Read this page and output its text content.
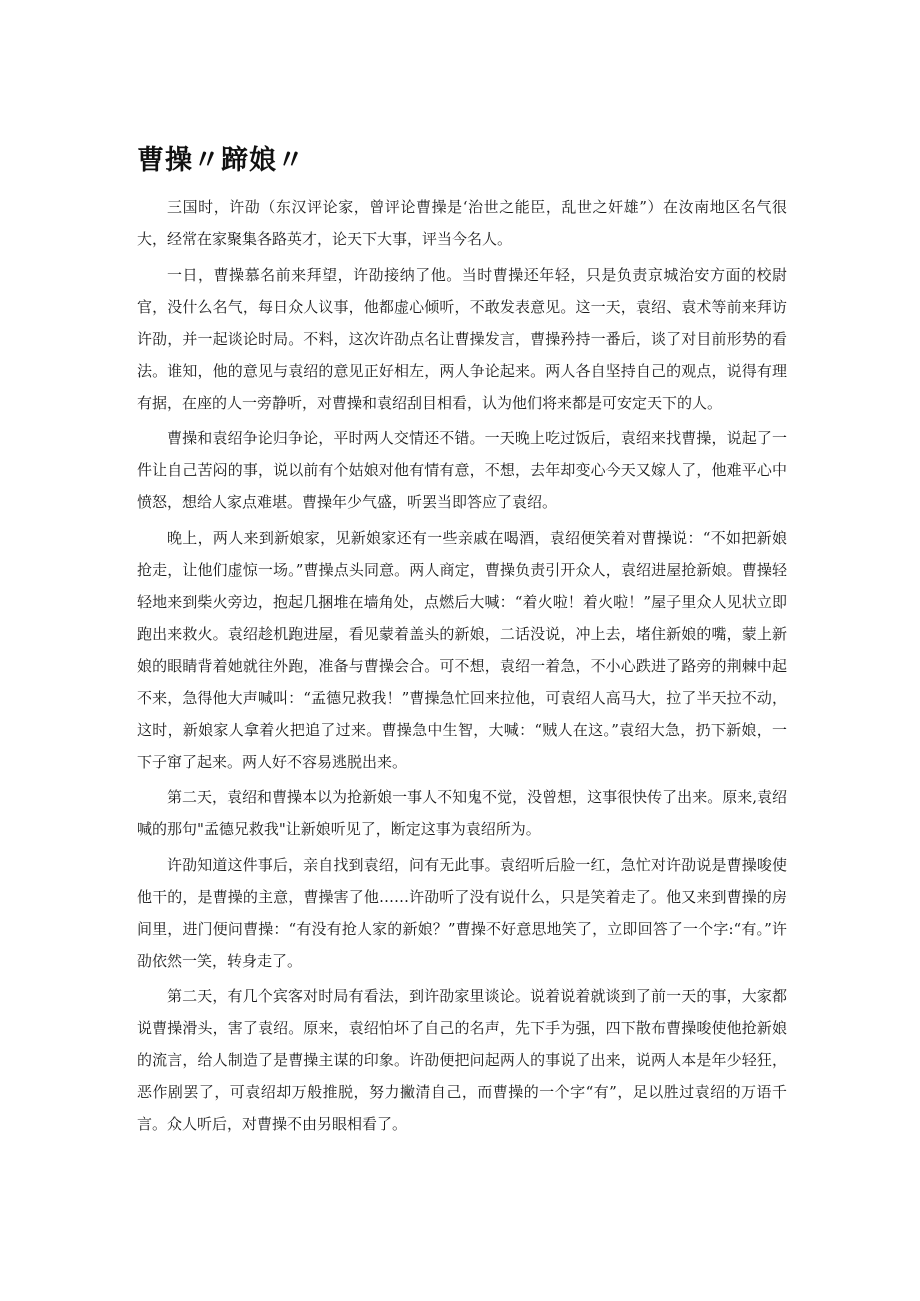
曹操〃蹄娘〃

三国时，许劭（东汉评论家，曾评论曹操是‘治世之能臣，乱世之奸雄”）在汝南地区名气很大，经常在家聚集各路英才，论天下大事，评当今名人。

一日，曹操慕名前来拜望，许劭接纳了他。当时曹操还年轻，只是负责京城治安方面的校尉官，没什么名气，每日众人议事，他都虚心倾听，不敢发表意见。这一天，袁绍、袁术等前来拜访许劭，并一起谈论时局。不料，这次许劭点名让曹操发言，曹操矜持一番后，谈了对目前形势的看法。谁知，他的意见与袁绍的意见正好相左，两人争论起来。两人各自坚持自己的观点，说得有理有据，在座的人一旁静听，对曹操和袁绍刮目相看，认为他们将来都是可安定天下的人。

曹操和袁绍争论归争论，平时两人交情还不错。一天晚上吃过饭后，袁绍来找曹操，说起了一件让自己苦闷的事，说以前有个姑娘对他有情有意，不想，去年却变心今天又嫁人了，他难平心中愤怒，想给人家点难堪。曹操年少气盛，听罢当即答应了袁绍。

晚上，两人来到新娘家，见新娘家还有一些亲戚在喝酒，袁绍便笑着对曹操说：“不如把新娘抢走，让他们虚惊一场。”曹操点头同意。两人商定，曹操负责引开众人，袁绍进屋抢新娘。曹操轻轻地来到柴火旁边，抱起几捆堆在墙角处，点燃后大喊：“着火啦！着火啦！”屋子里众人见状立即跑出来救火。袁绍趁机跑进屋，看见蒙着盖头的新娘，二话没说，冲上去，堵住新娘的嘴，蒙上新娘的眼睛背着她就往外跑，准备与曹操会合。可不想，袁绍一着急，不小心跌进了路旁的荆棘中起不来，急得他大声喊叫：“孟德兄救我！”曹操急忙回来拉他，可袁绍人高马大，拉了半天拉不动，这时，新娘家人拿着火把追了过来。曹操急中生智，大喊：“贼人在这。”袁绍大急，扔下新娘，一下子窜了起来。两人好不容易逃脱出来。

第二天，袁绍和曹操本以为抢新娘一事人不知鬼不觉，没曾想，这事很快传了出来。原来,袁绍喊的那句"孟德兄救我"让新娘听见了，断定这事为袁绍所为。

许劭知道这件事后，亲自找到袁绍，问有无此事。袁绍听后脸一红，急忙对许劭说是曹操唆使他干的，是曹操的主意，曹操害了他……许劭听了没有说什么，只是笑着走了。他又来到曹操的房间里，进门便问曹操：“有没有抢人家的新娘？”曹操不好意思地笑了，立即回答了一个字:“有。”许劭依然一笑，转身走了。

第二天，有几个宾客对时局有看法，到许劭家里谈论。说着说着就谈到了前一天的事，大家都说曹操滑头，害了袁绍。原来，袁绍怕坏了自己的名声，先下手为强，四下散布曹操唆使他抢新娘的流言，给人制造了是曹操主谋的印象。许劭便把问起两人的事说了出来，说两人本是年少轻狂，恶作剧罢了，可袁绍却万般推脱，努力撇清自己，而曹操的一个字“有”，足以胜过袁绍的万语千言。众人听后，对曹操不由另眼相看了。
